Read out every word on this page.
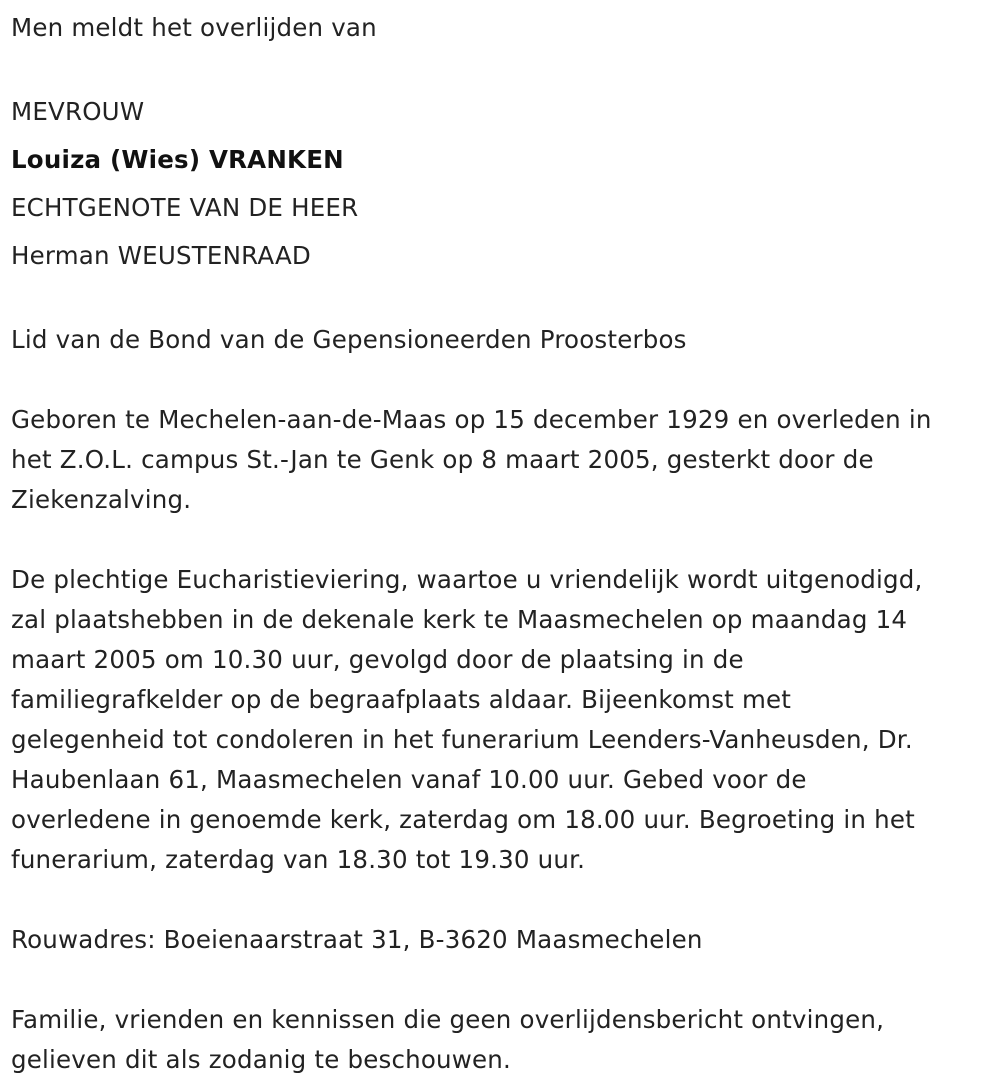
Men meldt het overlijden van

MEVROUW

Louiza (Wies) VRANKEN

ECHTGENOTE VAN DE HEER

Herman WEUSTENRAAD

Lid van de Bond van de Gepensioneerden Proosterbos

Geboren te Mechelen-aan-de-Maas op 15 december 1929 en overleden in

het Z.O.L. campus St.-Jan te Genk op 8 maart 2005, gesterkt door de

Ziekenzalving.

De plechtige Eucharistieviering, waartoe u vriendelijk wordt uitgenodigd,

zal plaatshebben in de dekenale kerk te Maasmechelen op maandag 14

maart 2005 om 10.30 uur, gevolgd door de plaatsing in de

familiegrafkelder op de begraafplaats aldaar. Bijeenkomst met

gelegenheid tot condoleren in het funerarium Leenders-Vanheusden, Dr.

Haubenlaan 61, Maasmechelen vanaf 10.00 uur. Gebed voor de

overledene in genoemde kerk, zaterdag om 18.00 uur. Begroeting in het

funerarium, zaterdag van 18.30 tot 19.30 uur.

Rouwadres: Boeienaarstraat 31, B-3620 Maasmechelen

Familie, vrienden en kennissen die geen overlijdensbericht ontvingen,

gelieven dit als zodanig te beschouwen.
